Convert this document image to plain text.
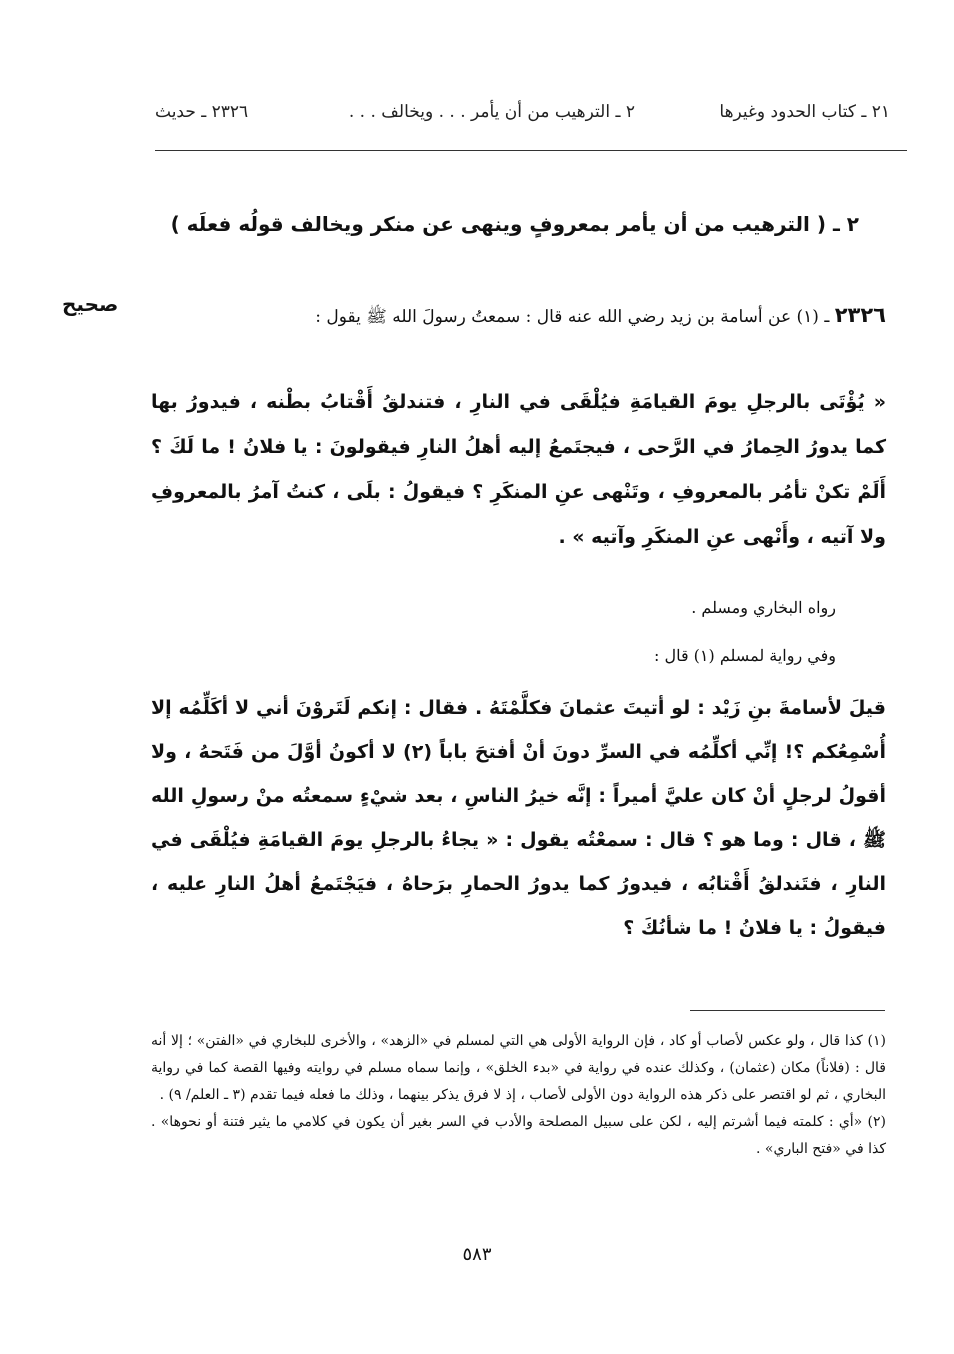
٢١ ـ كتاب الحدود وغيرها
٢ ـ الترهيب من أن يأمر . . . ويخالف . . .
٢٣٢٦ ـ حديث
٢ ـ ( الترهيب من أن يأمر بمعروفٍ وينهى عن منكر ويخالف قولُه فعلَه )
صحيح	٢٣٢٦ ـ (١) عن أسامة بن زيد رضي الله عنه قال : سمعتُ رسولَ الله ﷺ يقول :
« يُؤْتَى بالرجلِ يومَ القيامَةِ فيُلْقَى في النارِ ، فتندلقُ أَقْتابُ بطْنه ، فيدورُ بها كما يدورُ الحِمارُ في الرَّحى ، فيجتَمعُ إليه أهلُ النارِ فيقولونَ : يا فلانُ ! ما لَكَ ؟ أَلَمْ تكنْ تأمُر بالمعروفِ ، وتَنْهى عنِ المنكَرِ ؟ فيقولُ : بلَى ، كنتُ آمرُ بالمعروفِ ولا آتيه ، وأَنْهى عنِ المنكَرِ وآتيه » .
رواه البخاري ومسلم .
وفي رواية لمسلم (١) قال :
قيلَ لأسامةَ بنِ زَيْد : لو أتيتَ عثمانَ فكلَّمْتَهُ . فقال : إنكم لَتَروْنَ أني لا أكَلِّمُه إلا أُسْمِعُكم ؟! إنِّي أكلِّمُه في السرِّ دونَ أنْ أفتحَ باباً (٢) لا أكونُ أوَّلَ من فَتَحهُ ، ولا أقولُ لرجلٍ أنْ كان عليَّ أميراً : إنَّه خيرُ الناسِ ، بعد شيْءٍ سمعتُه منْ رسولِ الله ﷺ ، قال : وما هو ؟ قال : سمعْتُه يقول : « يجاءُ بالرجلِ يومَ القيامَةِ فيُلْقَى في النارِ ، فتَندلقُ أَقْتابُه ، فيدورُ كما يدورُ الحمارِ برَحاهُ ، فيَجْتَمعُ أهلُ النارِ عليه ، فيقولُ : يا فلانُ ! ما شأنُكَ ؟

(١) كذا قال ، ولو عكس لأصاب أو كاد ، فإن الرواية الأولى هي التي لمسلم في «الزهد» ، والأخرى للبخاري في «الفتن» ؛ إلا أنه قال : (فلاناً) مكان (عثمان) ، وكذلك عنده في رواية في «بدء الخلق» ، وإنما سماه مسلم في روايته وفيها القصة كما في رواية البخاري ، ثم لو اقتصر على ذكر هذه الرواية دون الأولى لأصاب ، إذ لا فرق يذكر بينهما ، وذلك ما فعله فيما تقدم (٣ ـ العلم/ ٩) .

(٢) «أي : كلمته فيما أشرتم إليه ، لكن على سبيل المصلحة والأدب في السر بغير أن يكون في كلامي ما يثير فتنة أو نحوها» . كذا في «فتح الباري» .

٥٨٣
